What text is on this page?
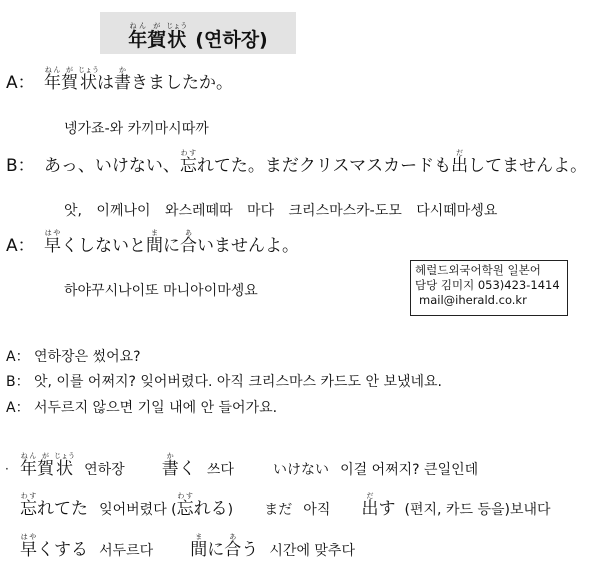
年ねん賀が状じょう
(연하장)
A： 年ねん賀が状じょうは書かきましたか。
넹가죠-와 카끼마시따까
B： あっ、いけない、忘わすれてた。まだクリスマスカードも出だしてませんよ。
앗, 이께나이 와스레떼따 마다 크리스마스카-도모 다시떼마셍요
A： 早はやくしないと間まに合あいませんよ。
하야꾸시나이또 마니아이마셍요
헤럴드외국어학원 일본어
담당 김미지 053)423-1414
mail@iherald.co.kr
A： 연하장은 썼어요?
B： 앗, 이를 어쩌지? 잊어버렸다. 아직 크리스마스 카드도 안 보냈네요.
A： 서두르지 않으면 기일 내에 안 들어가요.
· 年ねん賀が状じょう 연하장 書かく 쓰다	いけない 이걸 어쩌지? 큰일인데
忘わすれてた 잊어버렸다 (忘わすれる) まだ 아직 出だす (편지, 카드 등을)보내다
早はやくする 서두르다 間まに合あう 시간에 맞추다
